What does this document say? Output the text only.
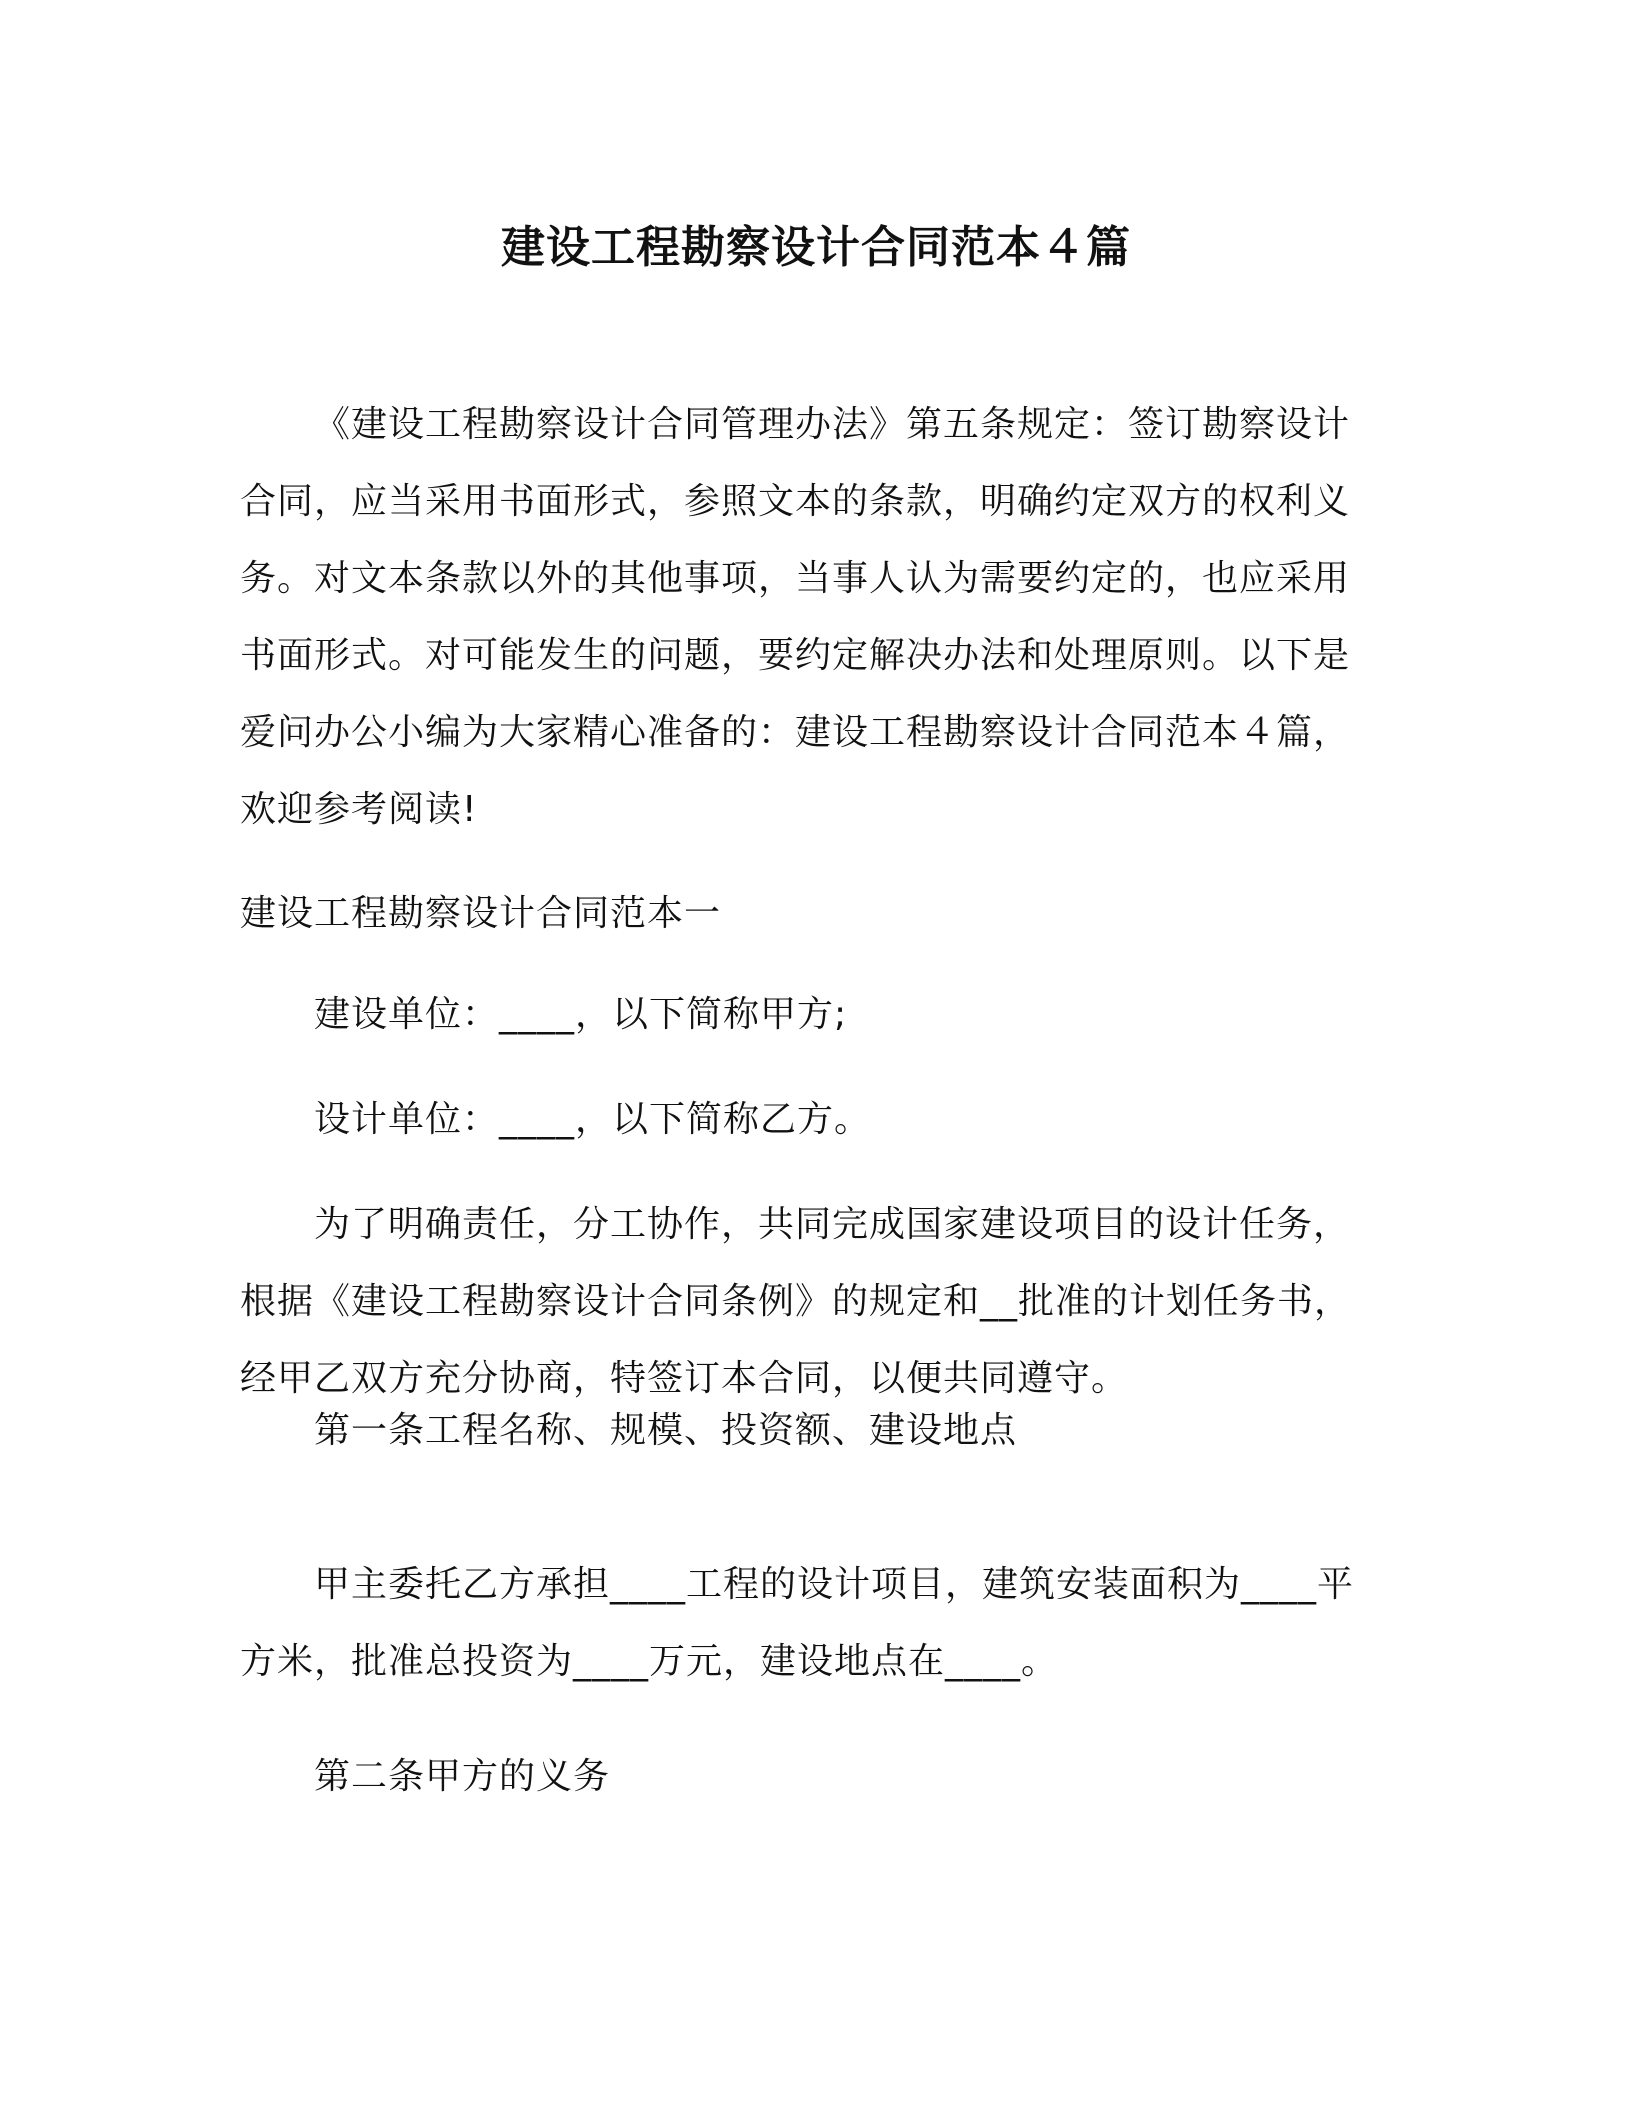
建设工程勘察设计合同范本４篇

《建设工程勘察设计合同管理办法》第五条规定：签订勘察设计合同，应当采用书面形式，参照文本的条款，明确约定双方的权利义务。对文本条款以外的其他事项，当事人认为需要约定的，也应采用书面形式。对可能发生的问题，要约定解决办法和处理原则。以下是爱问办公小编为大家精心准备的：建设工程勘察设计合同范本４篇，欢迎参考阅读!

建设工程勘察设计合同范本一

建设单位：____，以下简称甲方;

设计单位：____，以下简称乙方。

为了明确责任，分工协作，共同完成国家建设项目的设计任务，根据《建设工程勘察设计合同条例》的规定和__批准的计划任务书，经甲乙双方充分协商，特签订本合同，以便共同遵守。

第一条工程名称、规模、投资额、建设地点

甲主委托乙方承担____工程的设计项目，建筑安装面积为____平方米，批准总投资为____万元，建设地点在____。

第二条甲方的义务
